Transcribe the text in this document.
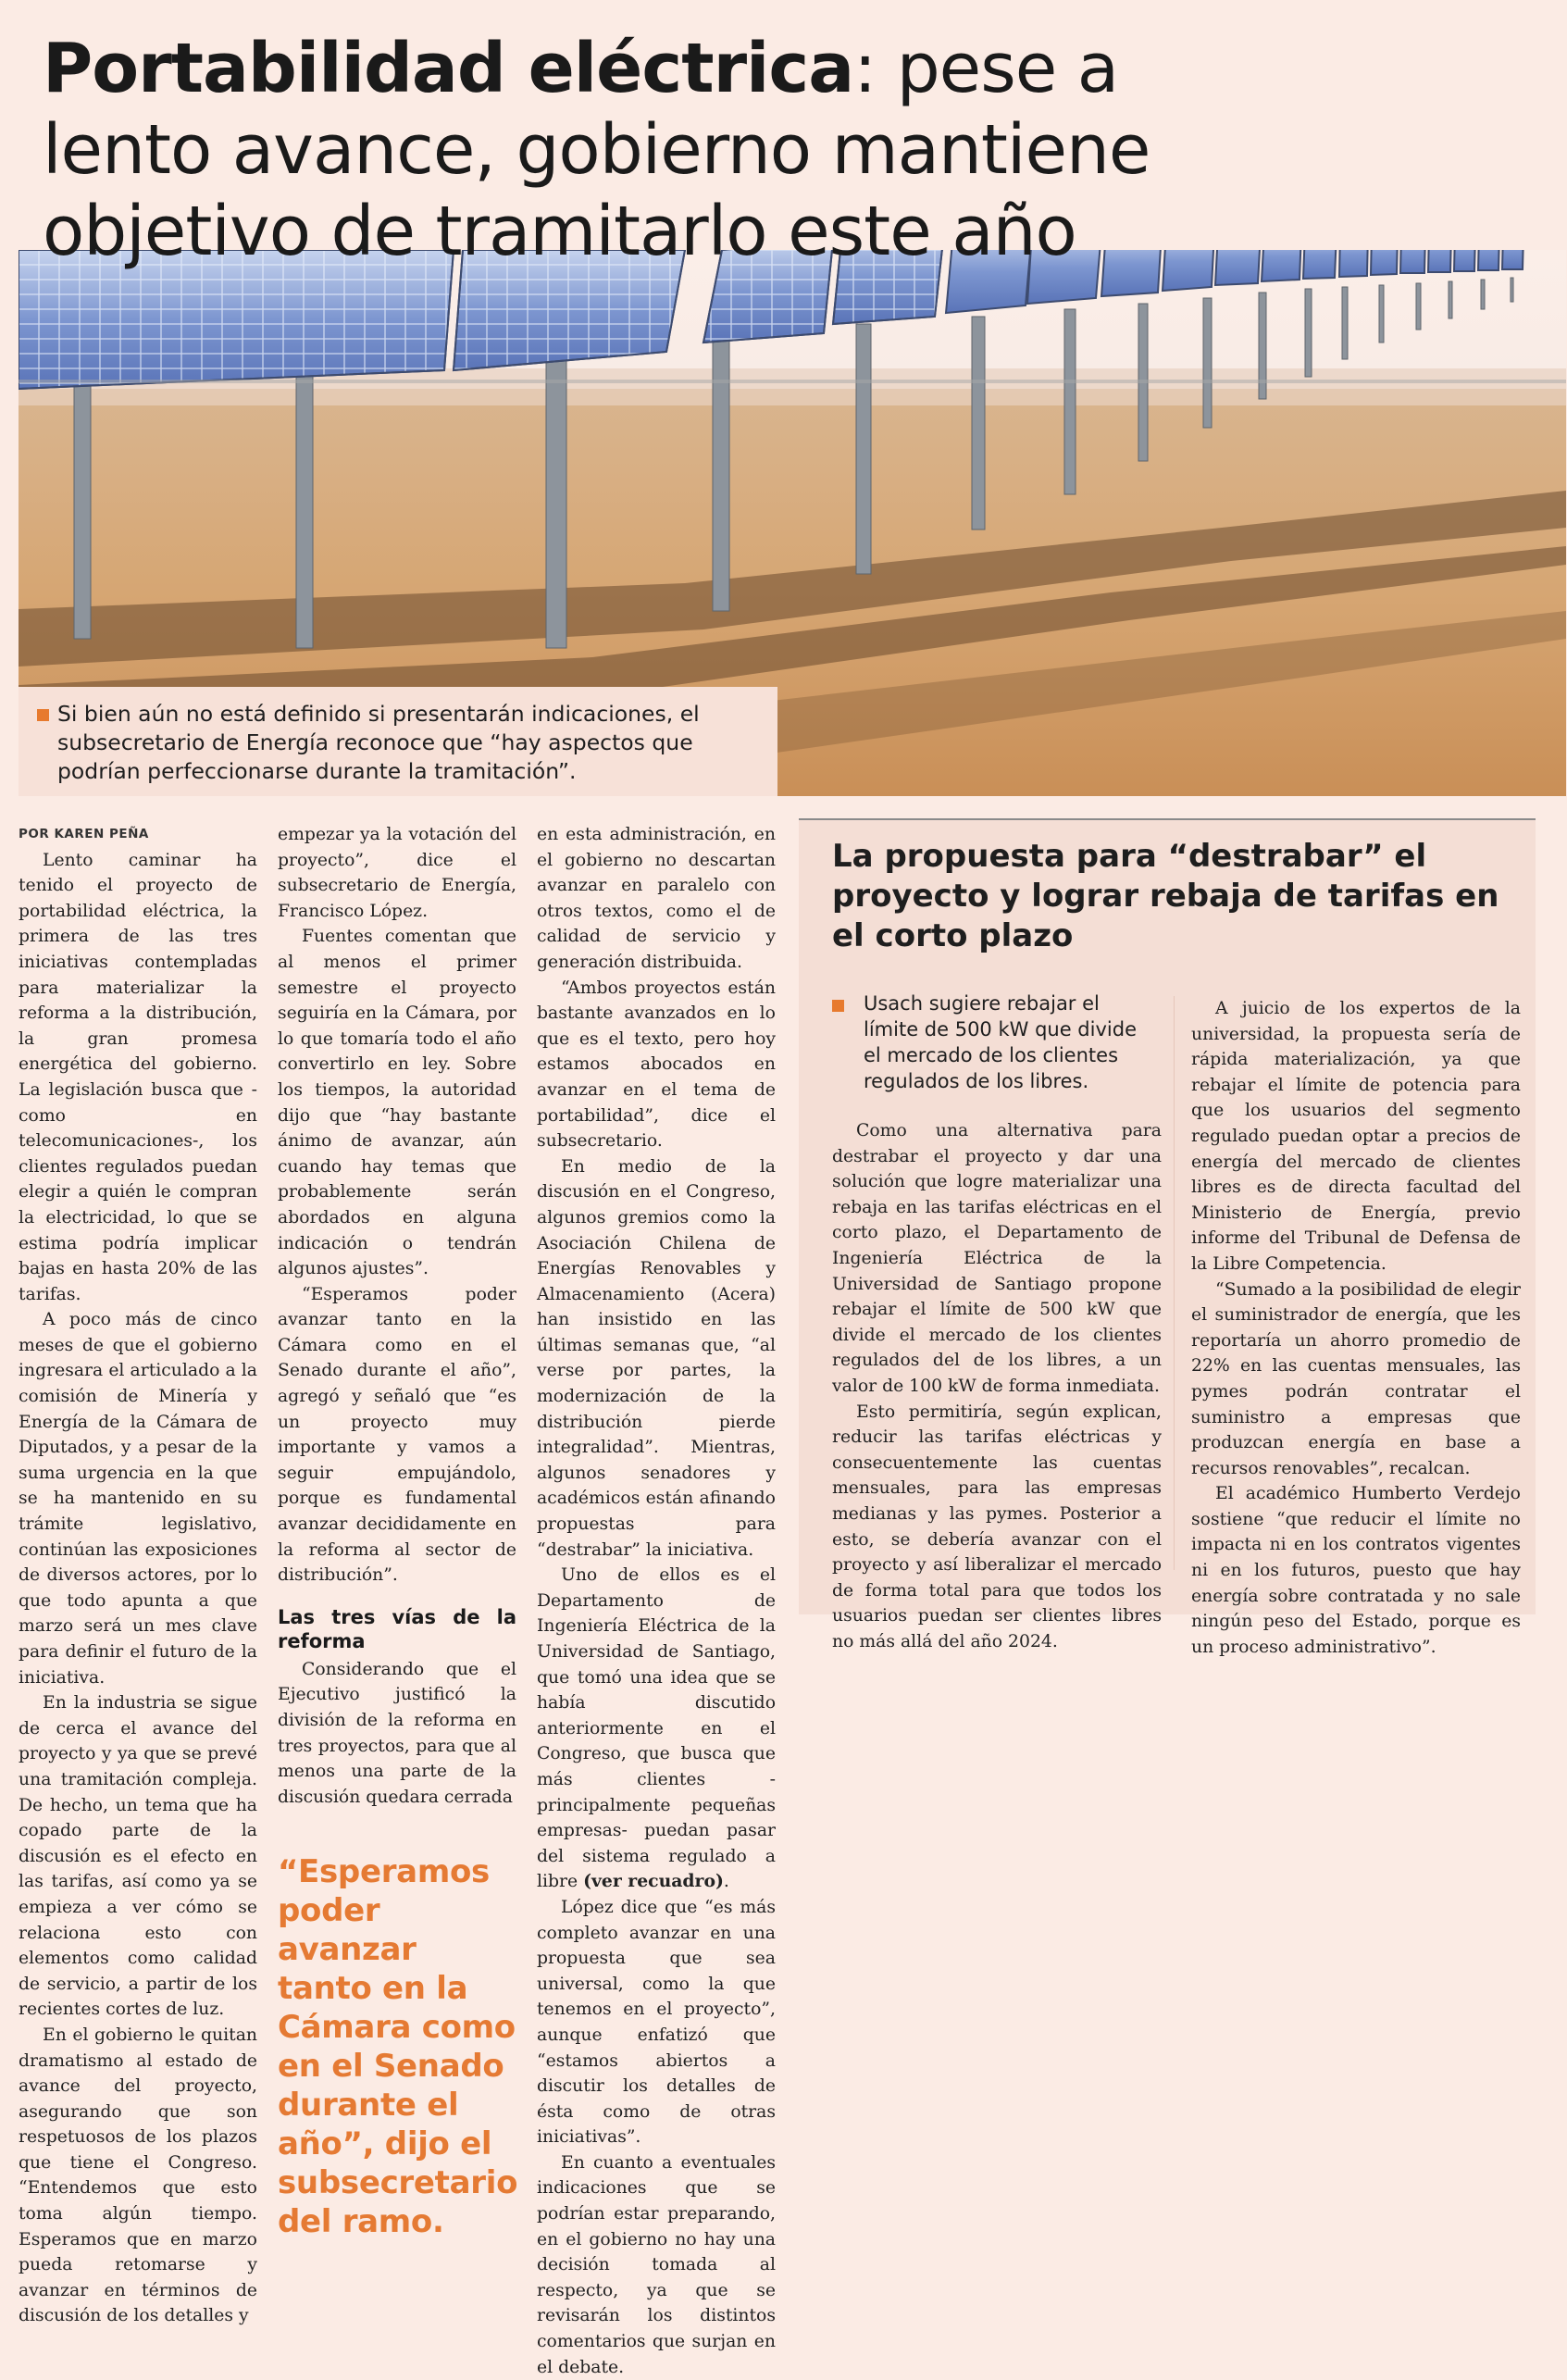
Portabilidad eléctrica: pese a lento avance, gobierno mantiene objetivo de tramitarlo este año

Si bien aún no está definido si presentarán indicaciones, el subsecretario de Energía reconoce que “hay aspectos que podrían perfeccionarse durante la tramitación”.

POR KAREN PEÑA

Lento caminar ha tenido el proyecto de portabilidad eléctrica, la primera de las tres iniciativas contempladas para materializar la reforma a la distribución, la gran promesa energética del gobierno. La legislación busca que -como en telecomunicaciones-, los clientes regulados puedan elegir a quién le compran la electricidad, lo que se estima podría implicar bajas en hasta 20% de las tarifas.

A poco más de cinco meses de que el gobierno ingresara el articulado a la comisión de Minería y Energía de la Cámara de Diputados, y a pesar de la suma urgencia en la que se ha mantenido en su trámite legislativo, continúan las exposiciones de diversos actores, por lo que todo apunta a que marzo será un mes clave para definir el futuro de la iniciativa.

En la industria se sigue de cerca el avance del proyecto y ya que se prevé una tramitación compleja. De hecho, un tema que ha copado parte de la discusión es el efecto en las tarifas, así como ya se empieza a ver cómo se relaciona esto con elementos como calidad de servicio, a partir de los recientes cortes de luz.

En el gobierno le quitan dramatismo al estado de avance del proyecto, asegurando que son respetuosos de los plazos que tiene el Congreso. “Entendemos que esto toma algún tiempo. Esperamos que en marzo pueda retomarse y avanzar en términos de discusión de los detalles y

empezar ya la votación del proyecto”, dice el subsecretario de Energía, Francisco López.

Fuentes comentan que al menos el primer semestre el proyecto seguiría en la Cámara, por lo que tomaría todo el año convertirlo en ley. Sobre los tiempos, la autoridad dijo que “hay bastante ánimo de avanzar, aún cuando hay temas que probablemente serán abordados en alguna indicación o tendrán algunos ajustes”.

“Esperamos poder avanzar tanto en la Cámara como en el Senado durante el año”, agregó y señaló que “es un proyecto muy importante y vamos a seguir empujándolo, porque es fundamental avanzar decididamente en la reforma al sector de distribución”.

Las tres vías de la reforma

Considerando que el Ejecutivo justificó la división de la reforma en tres proyectos, para que al menos una parte de la discusión quedara cerrada

“Esperamos poder avanzar tanto en la Cámara como en el Senado durante el año”, dijo el subsecretario del ramo.

en esta administración, en el gobierno no descartan avanzar en paralelo con otros textos, como el de calidad de servicio y generación distribuida.

“Ambos proyectos están bastante avanzados en lo que es el texto, pero hoy estamos abocados en avanzar en el tema de portabilidad”, dice el subsecretario.

En medio de la discusión en el Congreso, algunos gremios como la Asociación Chilena de Energías Renovables y Almacenamiento (Acera) han insistido en las últimas semanas que, “al verse por partes, la modernización de la distribución pierde integralidad”. Mientras, algunos senadores y académicos están afinando propuestas para “destrabar” la iniciativa.

Uno de ellos es el Departamento de Ingeniería Eléctrica de la Universidad de Santiago, que tomó una idea que se había discutido anteriormente en el Congreso, que busca que más clientes -principalmente pequeñas empresas- puedan pasar del sistema regulado a libre (ver recuadro).

López dice que “es más completo avanzar en una propuesta que sea universal, como la que tenemos en el proyecto”, aunque enfatizó que “estamos abiertos a discutir los detalles de ésta como de otras iniciativas”.

En cuanto a eventuales indicaciones que se podrían estar preparando, en el gobierno no hay una decisión tomada al respecto, ya que se revisarán los distintos comentarios que surjan en el debate.

La propuesta para “destrabar” el proyecto y lograr rebaja de tarifas en el corto plazo

Usach sugiere rebajar el límite de 500 kW que divide el mercado de los clientes regulados de los libres.

Como una alternativa para destrabar el proyecto y dar una solución que logre materializar una rebaja en las tarifas eléctricas en el corto plazo, el Departamento de Ingeniería Eléctrica de la Universidad de Santiago propone rebajar el límite de 500 kW que divide el mercado de los clientes regulados del de los libres, a un valor de 100 kW de forma inmediata.

Esto permitiría, según explican, reducir las tarifas eléctricas y consecuentemente las cuentas mensuales, para las empresas medianas y las pymes. Posterior a esto, se debería avanzar con el proyecto y así liberalizar el mercado de forma total para que todos los usuarios puedan ser clientes libres no más allá del año 2024.

A juicio de los expertos de la universidad, la propuesta sería de rápida materialización, ya que rebajar el límite de potencia para que los usuarios del segmento regulado puedan optar a precios de energía del mercado de clientes libres es de directa facultad del Ministerio de Energía, previo informe del Tribunal de Defensa de la Libre Competencia.

“Sumado a la posibilidad de elegir el suministrador de energía, que les reportaría un ahorro promedio de 22% en las cuentas mensuales, las pymes podrán contratar el suministro a empresas que produzcan energía en base a recursos renovables”, recalcan.

El académico Humberto Verdejo sostiene “que reducir el límite no impacta ni en los contratos vigentes ni en los futuros, puesto que hay energía sobre contratada y no sale ningún peso del Estado, porque es un proceso administrativo”.
